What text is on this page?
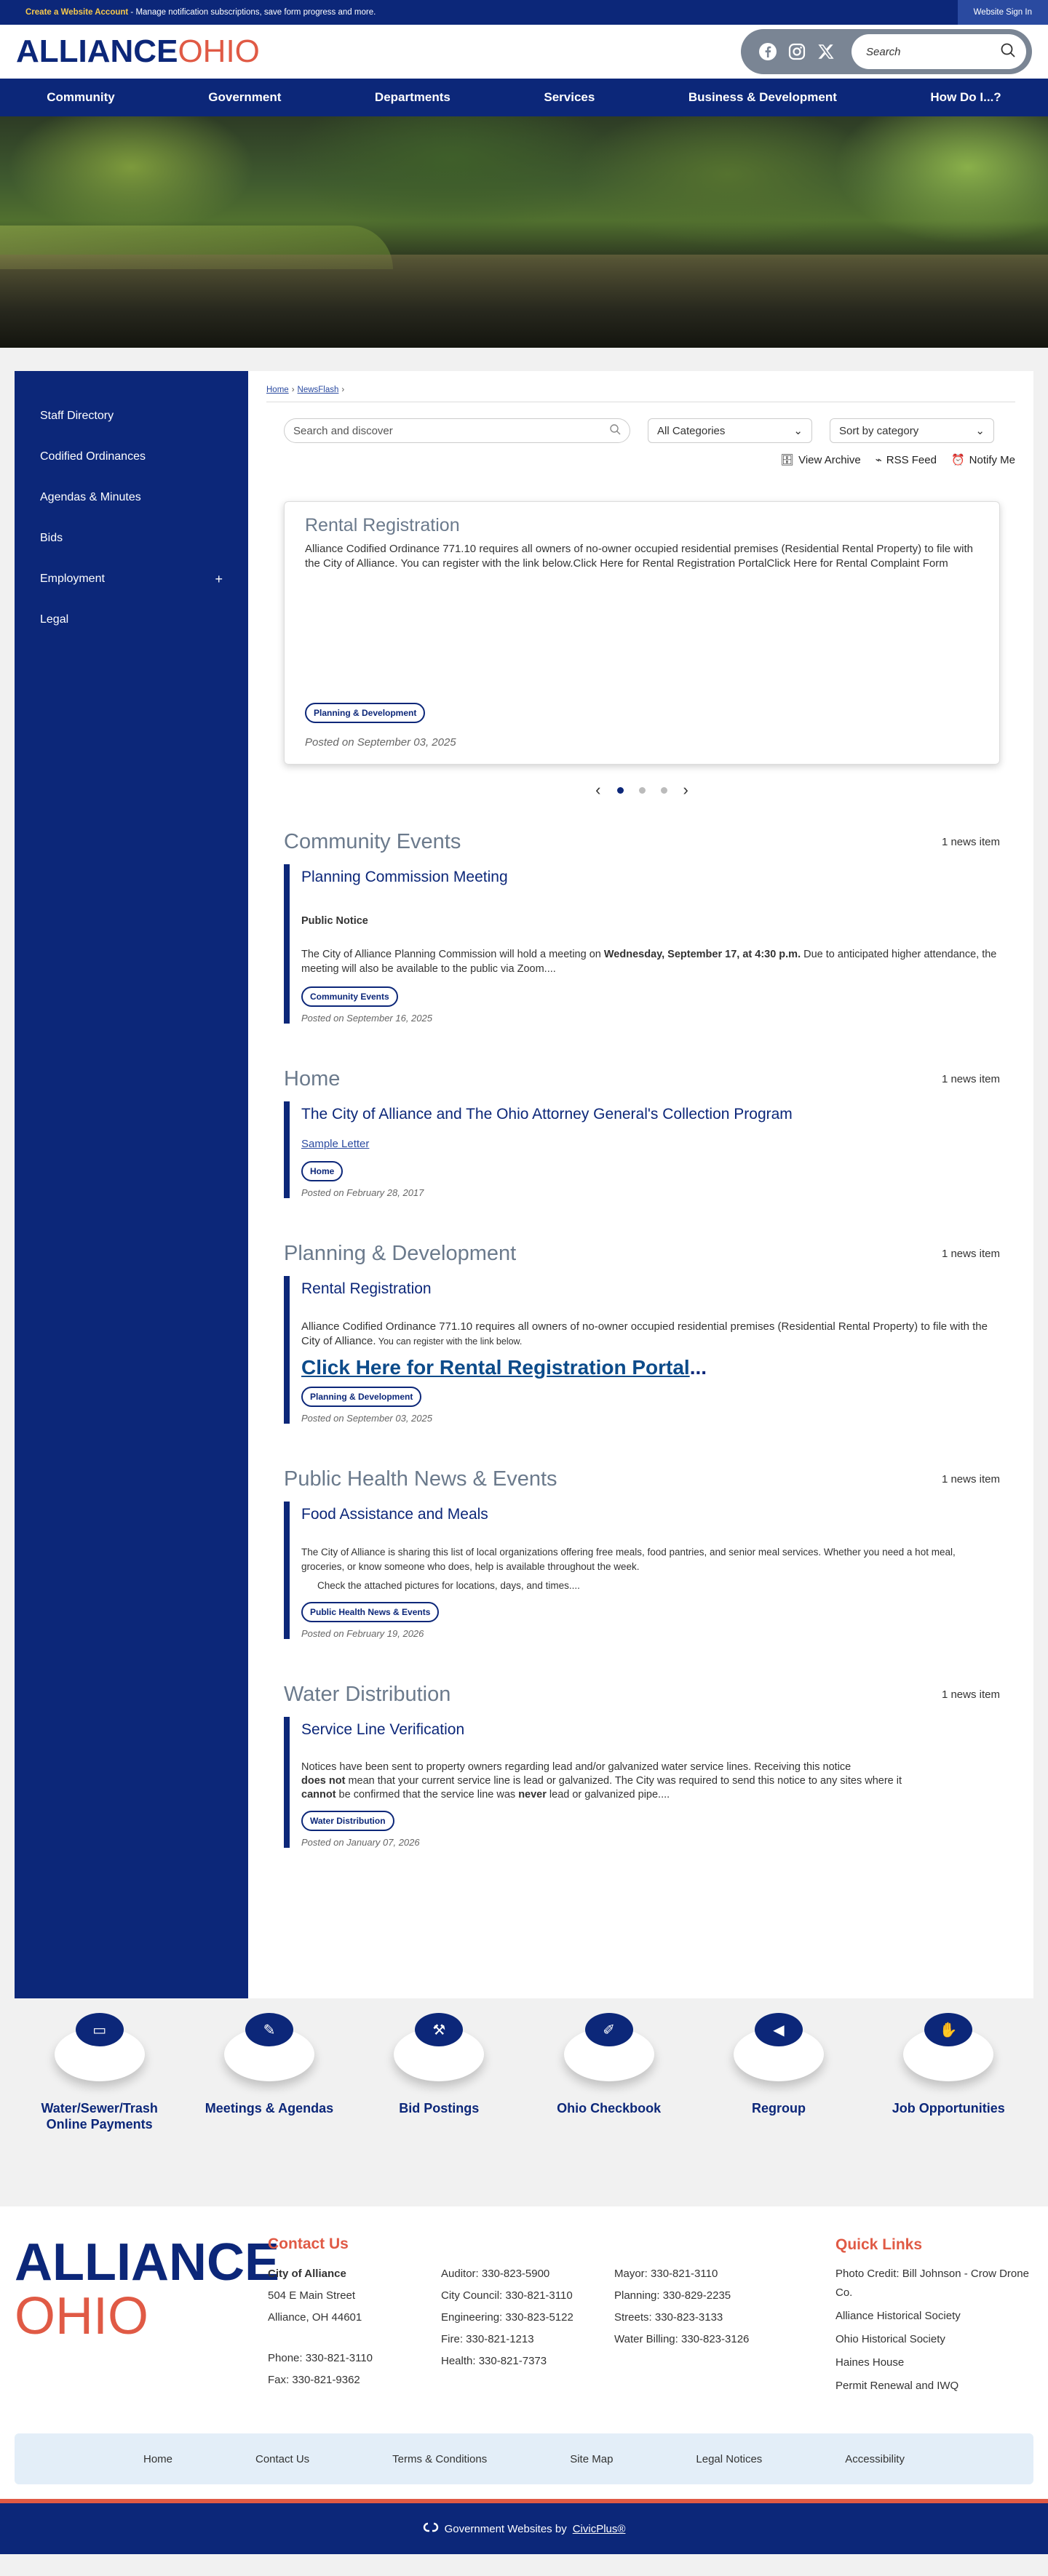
Create a Website Account - Manage notification subscriptions, save form progress and more.	Website Sign In
ALLIANCEOHIO	Search
Community	Government	Departments	Services	Business & Development	How Do I...?
Staff Directory
Codified Ordinances
Agendas & Minutes
Bids
Employment	+
Legal
Home › NewsFlash ›
Search and discover	All Categories	⌄	Sort by category	⌄
🗄 View Archive ⌁ RSS Feed ⏰ Notify Me
Rental Registration

Alliance Codified Ordinance 771.10 requires all owners of no-owner occupied residential premises (Residential Rental Property) to file with the City of Alliance. You can register with the link below.Click Here for Rental Registration PortalClick Here for Rental Complaint Form

Planning & Development
Posted on September 03, 2025
‹	›
Community Events	1 news item
Planning Commission Meeting
Public Notice
The City of Alliance Planning Commission will hold a meeting on Wednesday, September 17, at 4:30 p.m. Due to anticipated higher attendance, the meeting will also be available to the public via Zoom....
Community Events
Posted on September 16, 2025
Home	1 news item
The City of Alliance and The Ohio Attorney General's Collection Program
Sample Letter
Home
Posted on February 28, 2017
Planning & Development	1 news item
Rental Registration
Alliance Codified Ordinance 771.10 requires all owners of no-owner occupied residential premises (Residential Rental Property) to file with the City of Alliance. You can register with the link below.
Click Here for Rental Registration Portal...
Planning & Development
Posted on September 03, 2025
Public Health News & Events	1 news item
Food Assistance and Meals
The City of Alliance is sharing this list of local organizations offering free meals, food pantries, and senior meal services. Whether you need a hot meal, groceries, or know someone who does, help is available throughout the week.
Check the attached pictures for locations, days, and times....
Public Health News & Events
Posted on February 19, 2026
Water Distribution	1 news item
Service Line Verification
Notices have been sent to property owners regarding lead and/or galvanized water service lines. Receiving this notice
does not mean that your current service line is lead or galvanized. The City was required to send this notice to any sites where it
cannot be confirmed that the service line was never lead or galvanized pipe....
Water Distribution
Posted on January 07, 2026
▭
Water/Sewer/Trash Online Payments
✎
Meetings & Agendas
⚒
Bid Postings
✐
Ohio Checkbook
◀
Regroup
✋
Job Opportunities
ALLIANCE
OHIO
Contact Us
City of Alliance
504 E Main Street
Alliance, OH 44601
Phone: 330-821-3110
Fax: 330-821-9362
Auditor: 330-823-5900
City Council: 330-821-3110
Engineering: 330-823-5122
Fire: 330-821-1213
Health: 330-821-7373
Mayor: 330-821-3110
Planning: 330-829-2235
Streets: 330-823-3133
Water Billing: 330-823-3126
Quick Links
Photo Credit: Bill Johnson - Crow Drone Co.
Alliance Historical Society
Ohio Historical Society
Haines House
Permit Renewal and IWQ
Home	Contact Us	Terms & Conditions	Site Map	Legal Notices	Accessibility
Government Websites by CivicPlus®
